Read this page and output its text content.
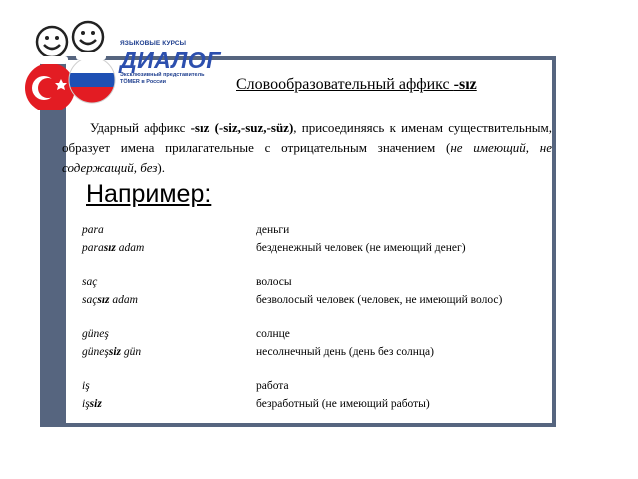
ЯЗЫКОВЫЕ КУРСЫ
ДИАЛОГ
Эксклюзивный представитель
TÖMER в России	Словообразовательный аффикс -sız

Ударный аффикс -sız (-siz,-suz,-süz), присоединяясь к именам существительным, образует имена прилагательные с отрицательным значением (не имеющий, не содержащий, без).

Например:
para	деньги
parasız adam	безденежный человек (не имеющий денег)
saç	волосы
saçsız adam	безволосый человек (человек, не имеющий волос)
güneş	солнце
güneşsiz gün	несолнечный день (день без солнца)
iş	работа
işsiz	безработный (не имеющий работы)
